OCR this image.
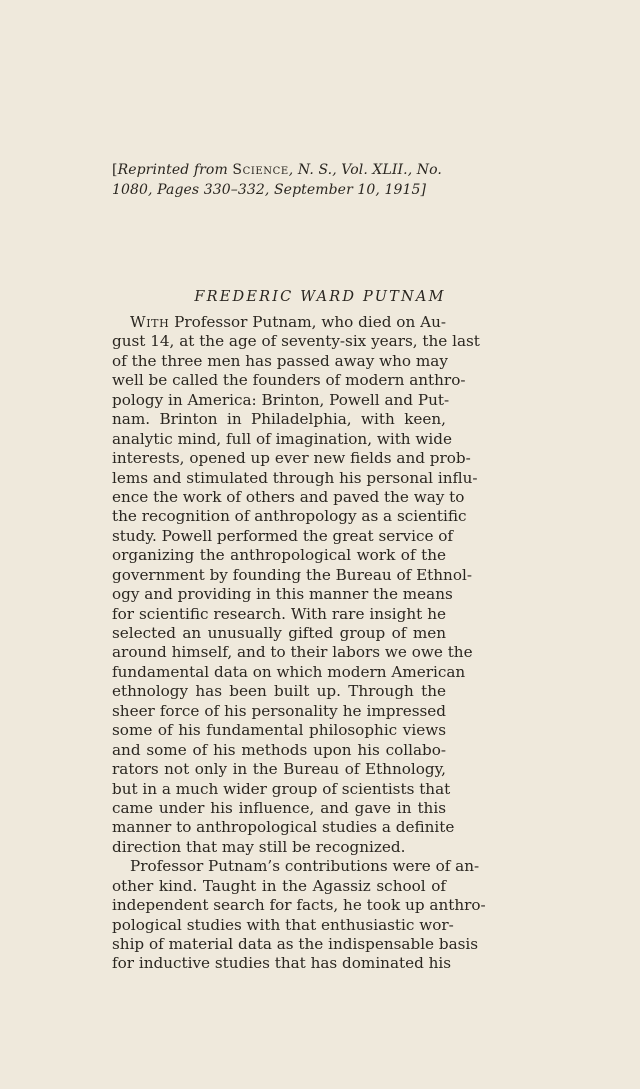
[Reprinted from Science, N. S., Vol. XLII., No.
1080, Pages 330–332, September 10, 1915]
FREDERIC WARD PUTNAM
With Professor Putnam, who died on Au-
gust 14, at the age of seventy-six years, the last
of the three men has passed away who may
well be called the founders of modern anthro-
pology in America: Brinton, Powell and Put-
nam. Brinton in Philadelphia, with keen,
analytic mind, full of imagination, with wide
interests, opened up ever new fields and prob-
lems and stimulated through his personal influ-
ence the work of others and paved the way to
the recognition of anthropology as a scientific
study. Powell performed the great service of
organizing the anthropological work of the
government by founding the Bureau of Ethnol-
ogy and providing in this manner the means
for scientific research. With rare insight he
selected an unusually gifted group of men
around himself, and to their labors we owe the
fundamental data on which modern American
ethnology has been built up. Through the
sheer force of his personality he impressed
some of his fundamental philosophic views
and some of his methods upon his collabo-
rators not only in the Bureau of Ethnology,
but in a much wider group of scientists that
came under his influence, and gave in this
manner to anthropological studies a definite
direction that may still be recognized.
Professor Putnam’s contributions were of an-
other kind. Taught in the Agassiz school of
independent search for facts, he took up anthro-
pological studies with that enthusiastic wor-
ship of material data as the indispensable basis
for inductive studies that has dominated his
